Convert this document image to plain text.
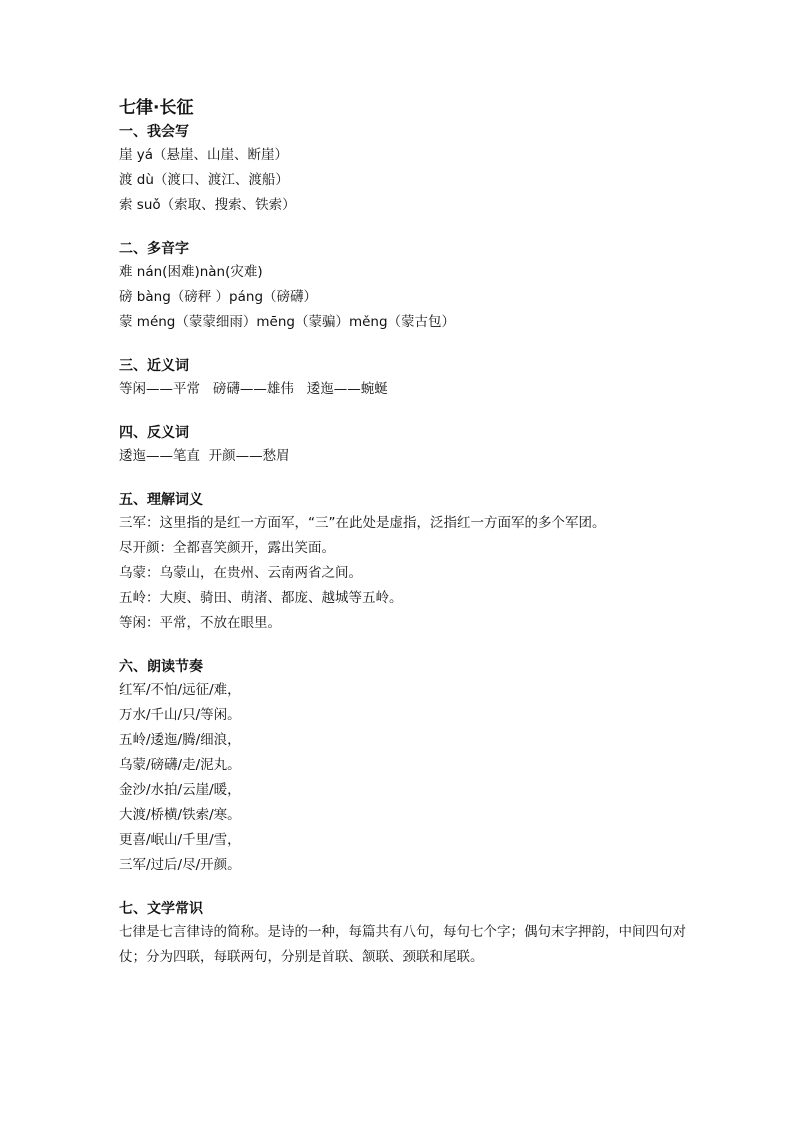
七律·长征
一、我会写
崖 yá（悬崖、山崖、断崖）
渡 dù（渡口、渡江、渡船）
索 suǒ（索取、搜索、铁索）
二、多音字
难 nán(困难)nàn(灾难)
磅 bàng（磅秤 ）páng（磅礴）
蒙 méng（蒙蒙细雨）mēng（蒙骗）měng（蒙古包）
三、近义词
等闲——平常   磅礴——雄伟   逶迤——蜿蜒
四、反义词
逶迤——笔直  开颜——愁眉
五、理解词义
三军：这里指的是红一方面军，“三”在此处是虚指，泛指红一方面军的多个军团。
尽开颜：全都喜笑颜开，露出笑面。
乌蒙：乌蒙山，在贵州、云南两省之间。
五岭：大庾、骑田、萌渚、都庞、越城等五岭。
等闲：平常，不放在眼里。
六、朗读节奏
红军/不怕/远征/难，
万水/千山/只/等闲。
五岭/逶迤/腾/细浪，
乌蒙/磅礴/走/泥丸。
金沙/水拍/云崖/暖，
大渡/桥横/铁索/寒。
更喜/岷山/千里/雪，
三军/过后/尽/开颜。
七、文学常识
七律是七言律诗的简称。是诗的一种，每篇共有八句，每句七个字；偶句末字押韵，中间四句对仗；分为四联，每联两句，分别是首联、颔联、颈联和尾联。
